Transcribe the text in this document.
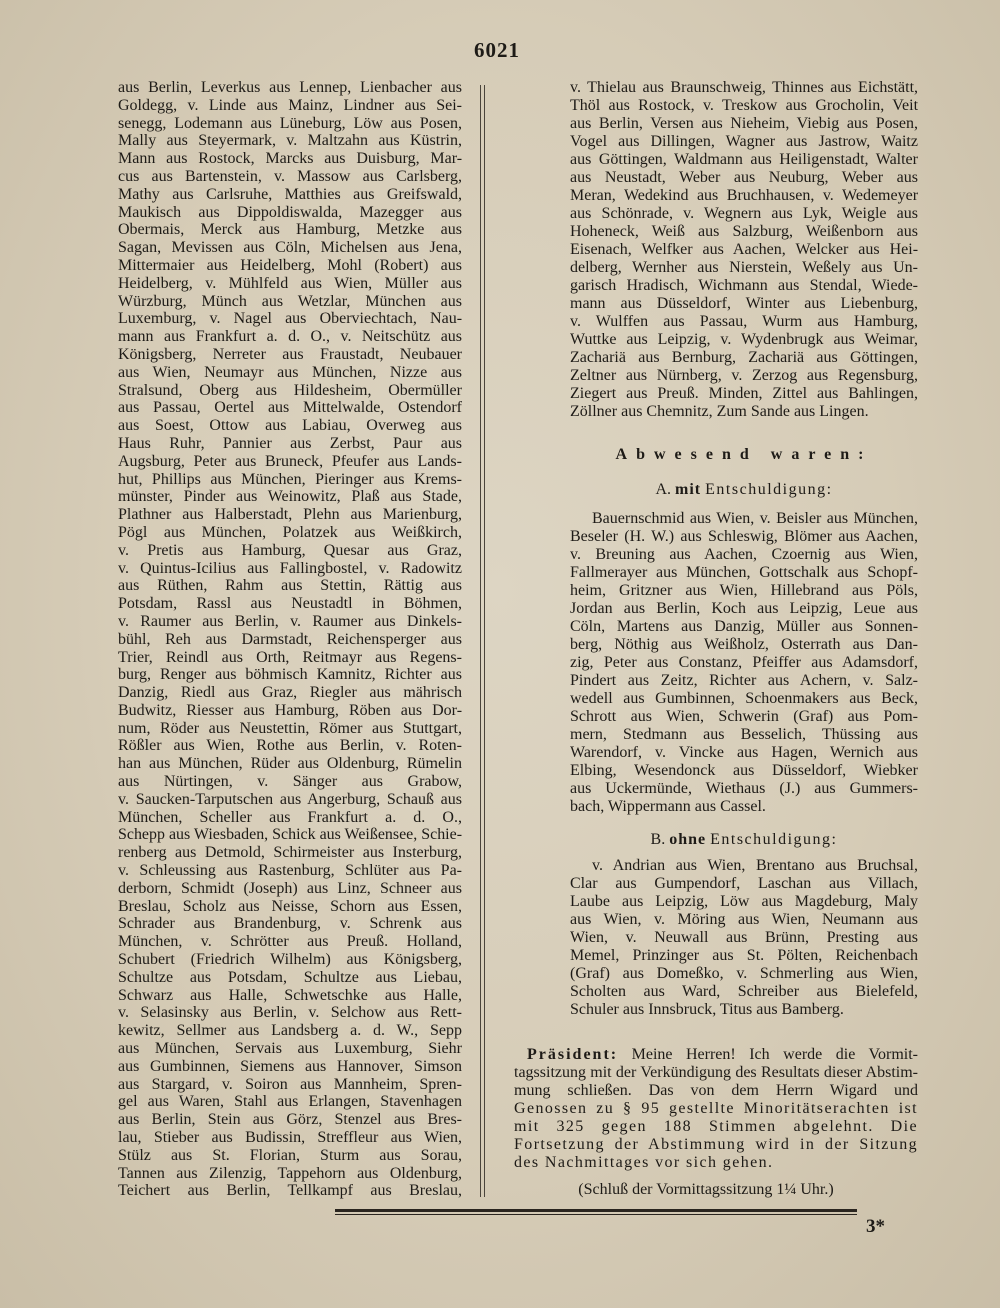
6021
aus Berlin, Leverkus aus Lennep, Lienbacher aus
Goldegg, v. Linde aus Mainz, Lindner aus Sei-
senegg, Lodemann aus Lüneburg, Löw aus Posen,
Mally aus Steyermark, v. Maltzahn aus Küstrin,
Mann aus Rostock, Marcks aus Duisburg, Mar-
cus aus Bartenstein, v. Massow aus Carlsberg,
Mathy aus Carlsruhe, Matthies aus Greifswald,
Maukisch aus Dippoldiswalda, Mazegger aus
Obermais, Merck aus Hamburg, Metzke aus
Sagan, Mevissen aus Cöln, Michelsen aus Jena,
Mittermaier aus Heidelberg, Mohl (Robert) aus
Heidelberg, v. Mühlfeld aus Wien, Müller aus
Würzburg, Münch aus Wetzlar, München aus
Luxemburg, v. Nagel aus Oberviechtach, Nau-
mann aus Frankfurt a. d. O., v. Neitschütz aus
Königsberg, Nerreter aus Fraustadt, Neubauer
aus Wien, Neumayr aus München, Nizze aus
Stralsund, Oberg aus Hildesheim, Obermüller
aus Passau, Oertel aus Mittelwalde, Ostendorf
aus Soest, Ottow aus Labiau, Overweg aus
Haus Ruhr, Pannier aus Zerbst, Paur aus
Augsburg, Peter aus Bruneck, Pfeufer aus Lands-
hut, Phillips aus München, Pieringer aus Krems-
münster, Pinder aus Weinowitz, Plaß aus Stade,
Plathner aus Halberstadt, Plehn aus Marienburg,
Pögl aus München, Polatzek aus Weißkirch,
v. Pretis aus Hamburg, Quesar aus Graz,
v. Quintus-Icilius aus Fallingbostel, v. Radowitz
aus Rüthen, Rahm aus Stettin, Rättig aus
Potsdam, Rassl aus Neustadtl in Böhmen,
v. Raumer aus Berlin, v. Raumer aus Dinkels-
bühl, Reh aus Darmstadt, Reichensperger aus
Trier, Reindl aus Orth, Reitmayr aus Regens-
burg, Renger aus böhmisch Kamnitz, Richter aus
Danzig, Riedl aus Graz, Riegler aus mährisch
Budwitz, Riesser aus Hamburg, Röben aus Dor-
num, Röder aus Neustettin, Römer aus Stuttgart,
Rößler aus Wien, Rothe aus Berlin, v. Roten-
han aus München, Rüder aus Oldenburg, Rümelin
aus Nürtingen, v. Sänger aus Grabow,
v. Saucken-Tarputschen aus Angerburg, Schauß aus
München, Scheller aus Frankfurt a. d. O.,
Schepp aus Wiesbaden, Schick aus Weißensee, Schie-
renberg aus Detmold, Schirmeister aus Insterburg,
v. Schleussing aus Rastenburg, Schlüter aus Pa-
derborn, Schmidt (Joseph) aus Linz, Schneer aus
Breslau, Scholz aus Neisse, Schorn aus Essen,
Schrader aus Brandenburg, v. Schrenk aus
München, v. Schrötter aus Preuß. Holland,
Schubert (Friedrich Wilhelm) aus Königsberg,
Schultze aus Potsdam, Schultze aus Liebau,
Schwarz aus Halle, Schwetschke aus Halle,
v. Selasinsky aus Berlin, v. Selchow aus Rett-
kewitz, Sellmer aus Landsberg a. d. W., Sepp
aus München, Servais aus Luxemburg, Siehr
aus Gumbinnen, Siemens aus Hannover, Simson
aus Stargard, v. Soiron aus Mannheim, Spren-
gel aus Waren, Stahl aus Erlangen, Stavenhagen
aus Berlin, Stein aus Görz, Stenzel aus Bres-
lau, Stieber aus Budissin, Streffleur aus Wien,
Stülz aus St. Florian, Sturm aus Sorau,
Tannen aus Zilenzig, Tappehorn aus Oldenburg,
Teichert aus Berlin, Tellkampf aus Breslau,
v. Thielau aus Braunschweig, Thinnes aus Eichstätt,
Thöl aus Rostock, v. Treskow aus Grocholin, Veit
aus Berlin, Versen aus Nieheim, Viebig aus Posen,
Vogel aus Dillingen, Wagner aus Jastrow, Waitz
aus Göttingen, Waldmann aus Heiligenstadt, Walter
aus Neustadt, Weber aus Neuburg, Weber aus
Meran, Wedekind aus Bruchhausen, v. Wedemeyer
aus Schönrade, v. Wegnern aus Lyk, Weigle aus
Hoheneck, Weiß aus Salzburg, Weißenborn aus
Eisenach, Welfker aus Aachen, Welcker aus Hei-
delberg, Wernher aus Nierstein, Weßely aus Un-
garisch Hradisch, Wichmann aus Stendal, Wiede-
mann aus Düsseldorf, Winter aus Liebenburg,
v. Wulffen aus Passau, Wurm aus Hamburg,
Wuttke aus Leipzig, v. Wydenbrugk aus Weimar,
Zachariä aus Bernburg, Zachariä aus Göttingen,
Zeltner aus Nürnberg, v. Zerzog aus Regensburg,
Ziegert aus Preuß. Minden, Zittel aus Bahlingen,
Zöllner aus Chemnitz, Zum Sande aus Lingen.
Abwesend waren:
A. mit Entschuldigung:
Bauernschmid aus Wien, v. Beisler aus München,
Beseler (H. W.) aus Schleswig, Blömer aus Aachen,
v. Breuning aus Aachen, Czoernig aus Wien,
Fallmerayer aus München, Gottschalk aus Schopf-
heim, Gritzner aus Wien, Hillebrand aus Pöls,
Jordan aus Berlin, Koch aus Leipzig, Leue aus
Cöln, Martens aus Danzig, Müller aus Sonnen-
berg, Nöthig aus Weißholz, Osterrath aus Dan-
zig, Peter aus Constanz, Pfeiffer aus Adamsdorf,
Pindert aus Zeitz, Richter aus Achern, v. Salz-
wedell aus Gumbinnen, Schoenmakers aus Beck,
Schrott aus Wien, Schwerin (Graf) aus Pom-
mern, Stedmann aus Besselich, Thüssing aus
Warendorf, v. Vincke aus Hagen, Wernich aus
Elbing, Wesendonck aus Düsseldorf, Wiebker
aus Uckermünde, Wiethaus (J.) aus Gummers-
bach, Wippermann aus Cassel.
B. ohne Entschuldigung:
v. Andrian aus Wien, Brentano aus Bruchsal,
Clar aus Gumpendorf, Laschan aus Villach,
Laube aus Leipzig, Löw aus Magdeburg, Maly
aus Wien, v. Möring aus Wien, Neumann aus
Wien, v. Neuwall aus Brünn, Presting aus
Memel, Prinzinger aus St. Pölten, Reichenbach
(Graf) aus Domeßko, v. Schmerling aus Wien,
Scholten aus Ward, Schreiber aus Bielefeld,
Schuler aus Innsbruck, Titus aus Bamberg.
Präsident: Meine Herren! Ich werde die Vormit-
tagssitzung mit der Verkündigung des Resultats dieser Abstim-
mung schließen. Das von dem Herrn Wigard und
Genossen zu § 95 gestellte Minoritätserachten ist
mit 325 gegen 188 Stimmen abgelehnt. Die
Fortsetzung der Abstimmung wird in der Sitzung
des Nachmittages vor sich gehen.
(Schluß der Vormittagssitzung 1¼ Uhr.)
3*
